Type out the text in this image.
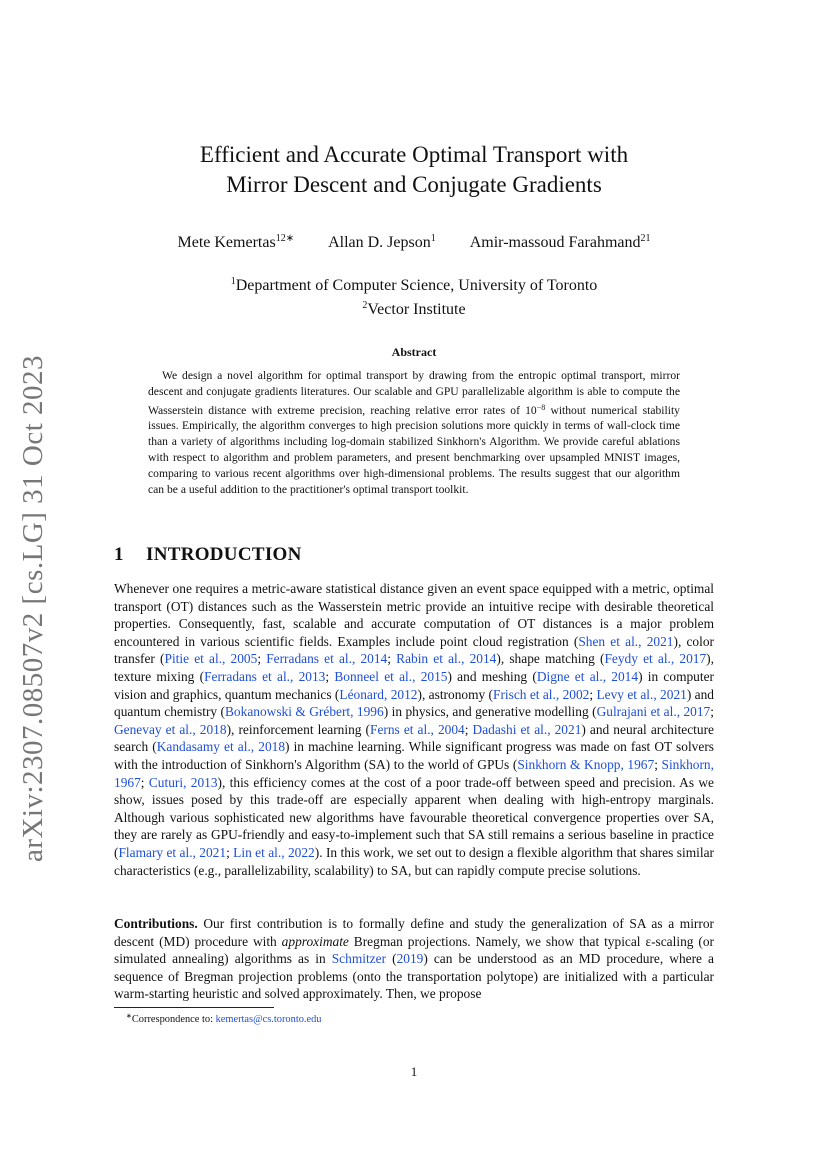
arXiv:2307.08507v2 [cs.LG] 31 Oct 2023
Efficient and Accurate Optimal Transport with
Mirror Descent and Conjugate Gradients
Mete Kemertas$^{12∗}$ Allan D. Jepson$^1$ Amir-massoud Farahmand$^{21}$
$^1$Department of Computer Science, University of Toronto
$^2$Vector Institute
Abstract
We design a novel algorithm for optimal transport by drawing from the entropic optimal transport, mirror descent and conjugate gradients literatures. Our scalable and GPU parallelizable algorithm is able to compute the Wasserstein distance with extreme precision, reaching relative error rates of $10^{-8}$ without numerical stability issues. Empirically, the algorithm converges to high precision solutions more quickly in terms of wall-clock time than a variety of algorithms including log-domain stabilized Sinkhorn's Algorithm. We provide careful ablations with respect to algorithm and problem parameters, and present benchmarking over upsampled MNIST images, comparing to various recent algorithms over high-dimensional problems. The results suggest that our algorithm can be a useful addition to the practitioner's optimal transport toolkit.
1 INTRODUCTION
Whenever one requires a metric-aware statistical distance given an event space equipped with a metric, optimal transport (OT) distances such as the Wasserstein metric provide an intuitive recipe with desirable theoretical properties. Consequently, fast, scalable and accurate computation of OT distances is a major problem encountered in various scientific fields. Examples include point cloud registration (Shen et al., 2021), color transfer (Pitie et al., 2005; Ferradans et al., 2014; Rabin et al., 2014), shape matching (Feydy et al., 2017), texture mixing (Ferradans et al., 2013; Bonneel et al., 2015) and meshing (Digne et al., 2014) in computer vision and graphics, quantum mechanics (Léonard, 2012), astronomy (Frisch et al., 2002; Levy et al., 2021) and quantum chemistry (Bokanowski & Grébert, 1996) in physics, and generative modelling (Gulrajani et al., 2017; Genevay et al., 2018), reinforcement learning (Ferns et al., 2004; Dadashi et al., 2021) and neural architecture search (Kandasamy et al., 2018) in machine learning. While significant progress was made on fast OT solvers with the introduction of Sinkhorn's Algorithm (SA) to the world of GPUs (Sinkhorn & Knopp, 1967; Sinkhorn, 1967; Cuturi, 2013), this efficiency comes at the cost of a poor trade-off between speed and precision. As we show, issues posed by this trade-off are especially apparent when dealing with high-entropy marginals. Although various sophisticated new algorithms have favourable theoretical convergence properties over SA, they are rarely as GPU-friendly and easy-to-implement such that SA still remains a serious baseline in practice (Flamary et al., 2021; Lin et al., 2022). In this work, we set out to design a flexible algorithm that shares similar characteristics (e.g., parallelizability, scalability) to SA, but can rapidly compute precise solutions.
Contributions. Our first contribution is to formally define and study the generalization of SA as a mirror descent (MD) procedure with approximate Bregman projections. Namely, we show that typical ε-scaling (or simulated annealing) algorithms as in Schmitzer (2019) can be understood as an MD procedure, where a sequence of Bregman projection problems (onto the transportation polytope) are initialized with a particular warm-starting heuristic and solved approximately. Then, we propose
∗Correspondence to: kemertas@cs.toronto.edu
1
